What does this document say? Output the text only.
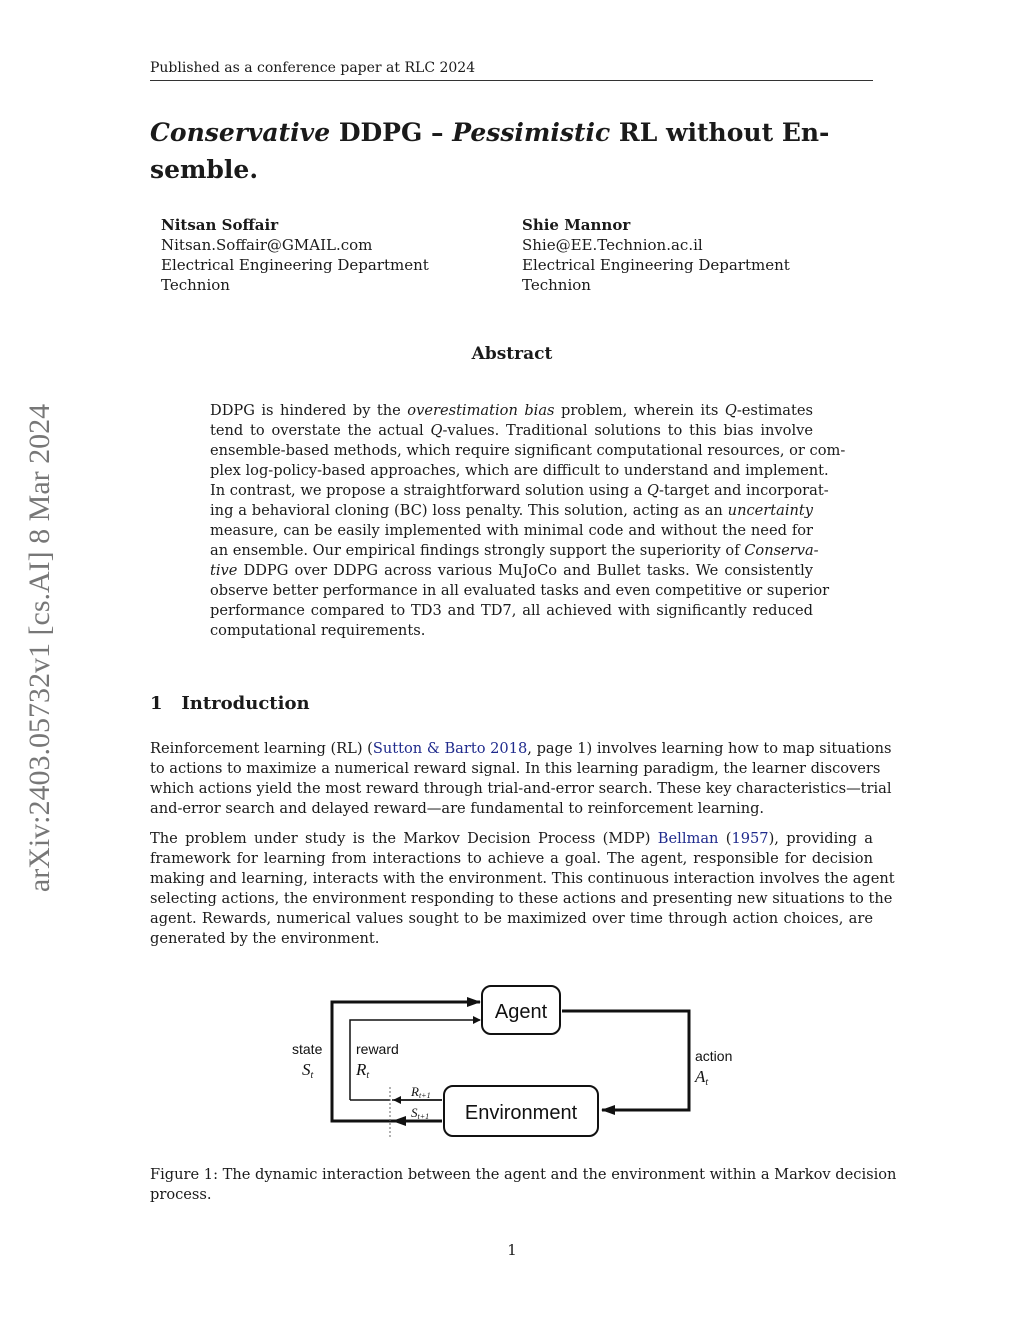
arXiv:2403.05732v1 [cs.AI] 8 Mar 2024
Published as a conference paper at RLC 2024
Conservative DDPG – Pessimistic RL without En-
semble.
Nitsan Soffair
Nitsan.Soffair@GMAIL.com
Electrical Engineering Department
Technion
Shie Mannor
Shie@EE.Technion.ac.il
Electrical Engineering Department
Technion
Abstract
DDPG is hindered by the overestimation bias problem, wherein its Q-estimates
tend to overstate the actual Q-values. Traditional solutions to this bias involve
ensemble-based methods, which require significant computational resources, or com-
plex log-policy-based approaches, which are difficult to understand and implement.
In contrast, we propose a straightforward solution using a Q-target and incorporat-
ing a behavioral cloning (BC) loss penalty. This solution, acting as an uncertainty
measure, can be easily implemented with minimal code and without the need for
an ensemble. Our empirical findings strongly support the superiority of Conserva-
tive DDPG over DDPG across various MuJoCo and Bullet tasks. We consistently
observe better performance in all evaluated tasks and even competitive or superior
performance compared to TD3 and TD7, all achieved with significantly reduced
computational requirements.
1 Introduction
Reinforcement learning (RL) (Sutton & Barto 2018, page 1) involves learning how to map situations
to actions to maximize a numerical reward signal. In this learning paradigm, the learner discovers
which actions yield the most reward through trial-and-error search. These key characteristics—trial
and-error search and delayed reward—are fundamental to reinforcement learning.
The problem under study is the Markov Decision Process (MDP) Bellman (1957), providing a
framework for learning from interactions to achieve a goal. The agent, responsible for decision
making and learning, interacts with the environment. This continuous interaction involves the agent
selecting actions, the environment responding to these actions and presenting new situations to the
agent. Rewards, numerical values sought to be maximized over time through action choices, are
generated by the environment.
Agent
Environment
state reward	action
St	Rt	At
Rt+1
St+1
Figure 1: The dynamic interaction between the agent and the environment within a Markov decision
process.
1
